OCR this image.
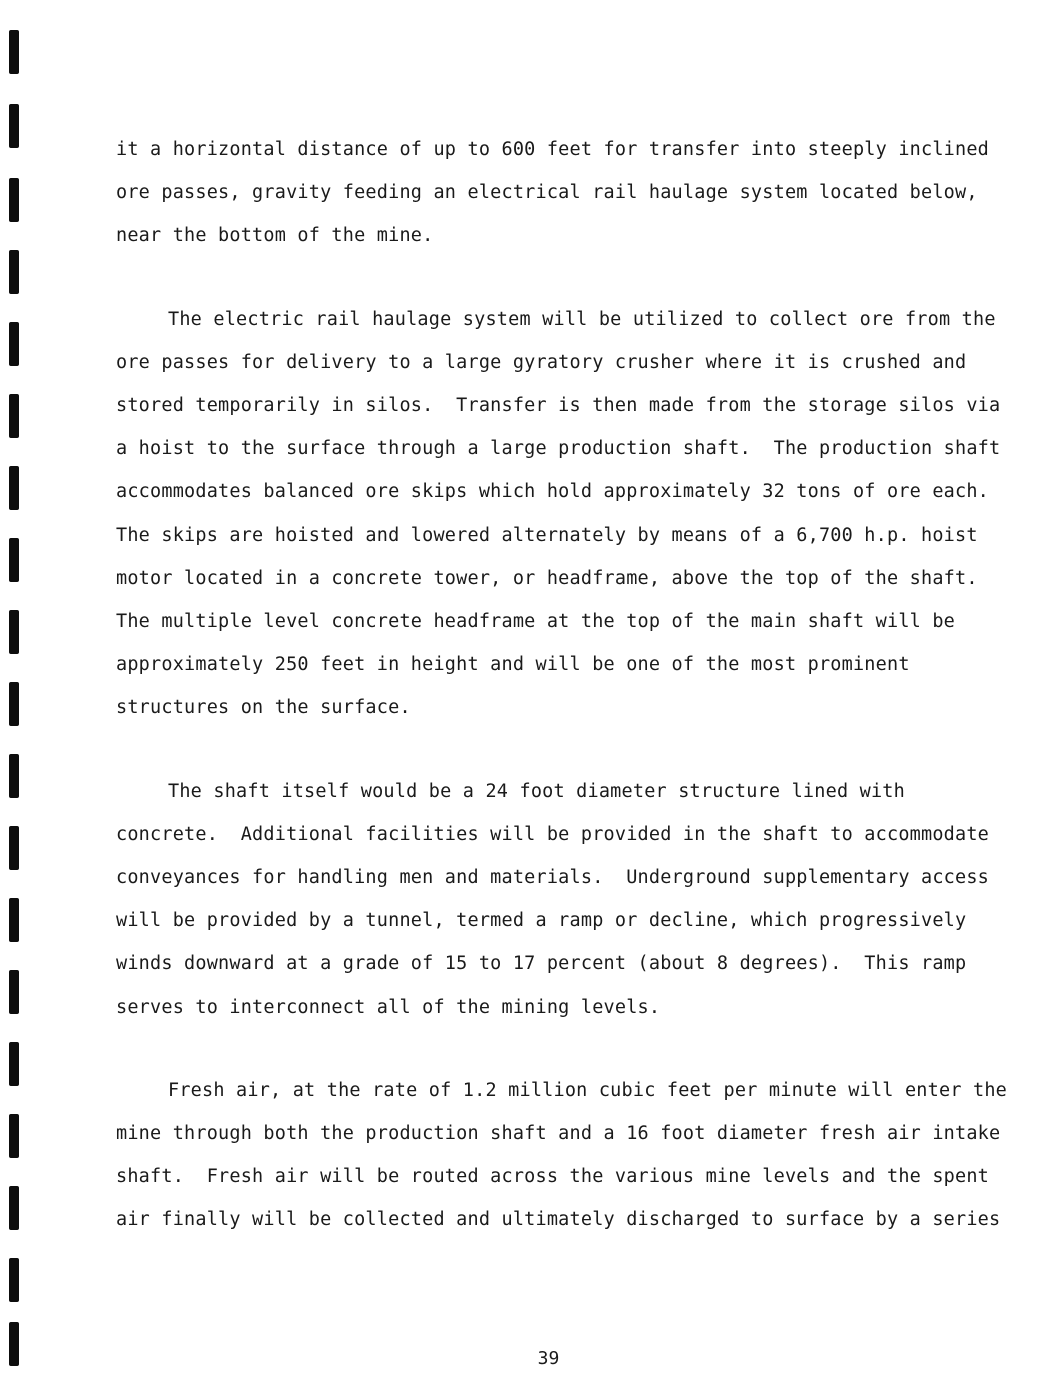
it a horizontal distance of up to 600 feet for transfer into steeply inclined
ore passes, gravity feeding an electrical rail haulage system located below,
near the bottom of the mine.
The electric rail haulage system will be utilized to collect ore from the
ore passes for delivery to a large gyratory crusher where it is crushed and
stored temporarily in silos.  Transfer is then made from the storage silos via
a hoist to the surface through a large production shaft.  The production shaft
accommodates balanced ore skips which hold approximately 32 tons of ore each.
The skips are hoisted and lowered alternately by means of a 6,700 h.p. hoist
motor located in a concrete tower, or headframe, above the top of the shaft.
The multiple level concrete headframe at the top of the main shaft will be
approximately 250 feet in height and will be one of the most prominent
structures on the surface.
The shaft itself would be a 24 foot diameter structure lined with
concrete.  Additional facilities will be provided in the shaft to accommodate
conveyances for handling men and materials.  Underground supplementary access
will be provided by a tunnel, termed a ramp or decline, which progressively
winds downward at a grade of 15 to 17 percent (about 8 degrees).  This ramp
serves to interconnect all of the mining levels.
Fresh air, at the rate of 1.2 million cubic feet per minute will enter the
mine through both the production shaft and a 16 foot diameter fresh air intake
shaft.  Fresh air will be routed across the various mine levels and the spent
air finally will be collected and ultimately discharged to surface by a series
39
